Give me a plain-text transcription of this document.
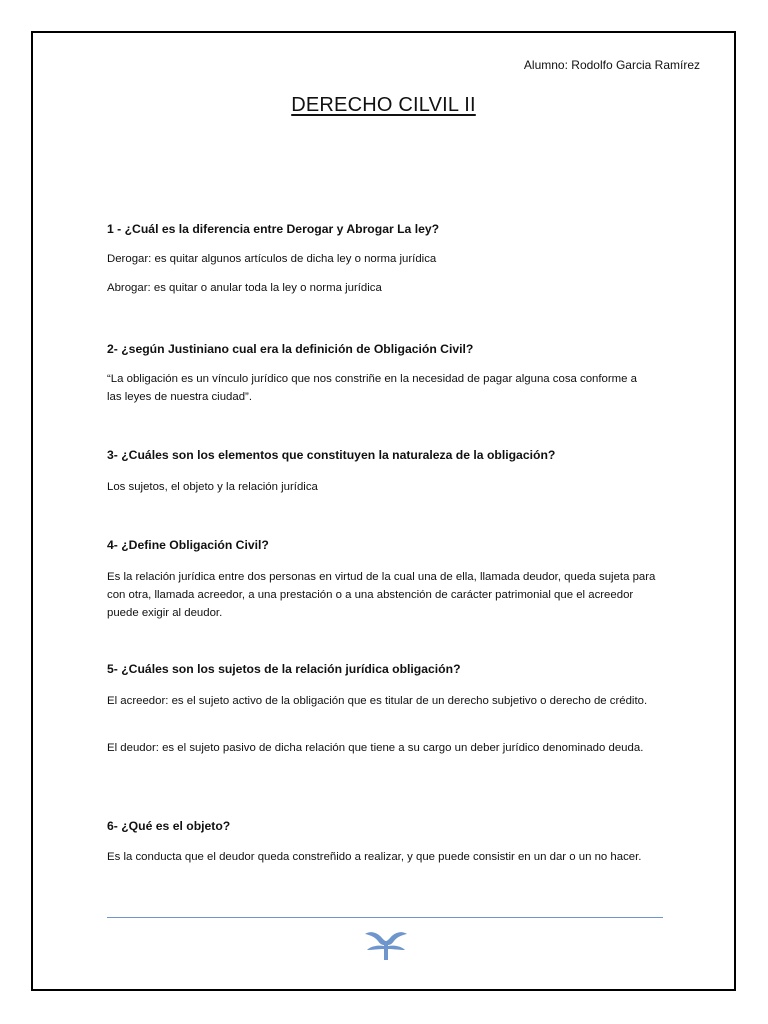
Alumno: Rodolfo Garcia Ramírez
DERECHO CILVIL II
1 - ¿Cuál es la diferencia entre Derogar y Abrogar La ley?
Derogar: es quitar algunos artículos de dicha ley o norma jurídica
Abrogar: es quitar o anular toda la ley o norma jurídica
2- ¿según Justiniano cual era la definición de Obligación Civil?
“La obligación es un vínculo jurídico que nos constriñe en la necesidad de pagar alguna cosa conforme a las leyes de nuestra ciudad”.
3- ¿Cuáles son los elementos que constituyen la naturaleza de la obligación?
Los sujetos, el objeto y la relación jurídica
4- ¿Define Obligación Civil?
Es la relación jurídica entre dos personas en virtud de la cual una de ella, llamada deudor, queda sujeta para con otra, llamada acreedor, a una prestación o a una abstención de carácter patrimonial que el acreedor puede exigir al deudor.
5- ¿Cuáles son los sujetos de la relación jurídica obligación?
El acreedor: es el sujeto activo de la obligación que es titular de un derecho subjetivo o derecho de crédito.
El deudor: es el sujeto pasivo de dicha relación que tiene a su cargo un deber jurídico denominado deuda.
6- ¿Qué es el objeto?
Es la conducta que el deudor queda constreñido a realizar, y que puede consistir en un dar o un no hacer.
